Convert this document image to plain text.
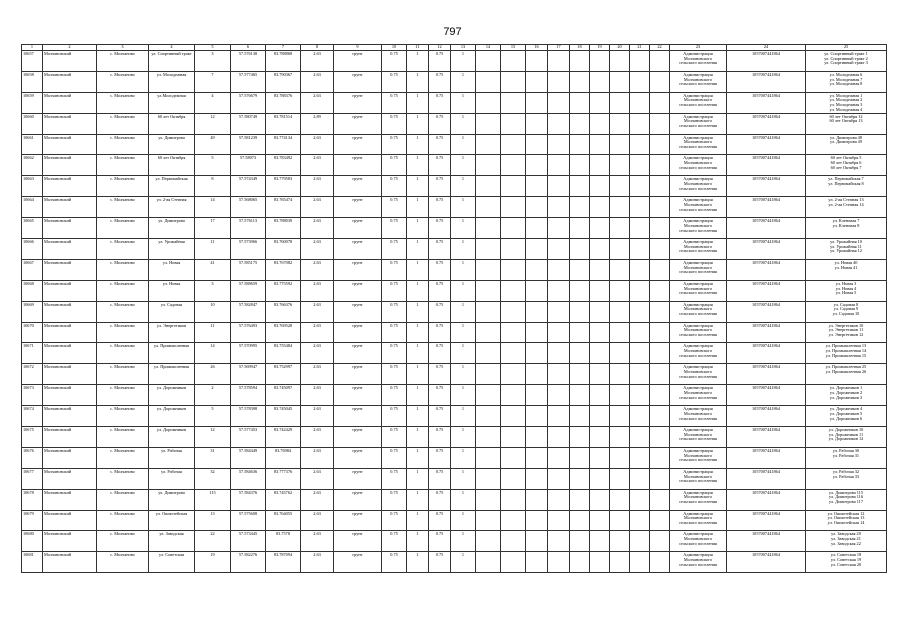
797
1	2	3	4	5	6	7	8	9	10	11	12	13	14	15	16	17	18	19	20	21	22	23	24	25
10657	Молчановский	с. Молчаново	ул. Спортивный тракт	3	57.576138	83.788868	2.63	грунт	0.75	1	0.75	1										Администрация
Молчановского
сельского поселения	1057007441864	ул. Спортивный тракт 1
ул. Спортивный тракт 2
ул. Спортивный тракт 3

10658	Молчановский	с. Молчаново	ул. Молодежная	7	57.577465	83.790367	2.63	грунт	0.75	1	0.75	1										Администрация
Молчановского
сельского поселения	1057007441864	ул. Молодежная 6
ул. Молодежная 7
ул. Молодежная 8

10659	Молчановский	с. Молчаново	ул.Молодежная	4	57.576679	83.788376	2.63	грунт	0.75	1	0.75	1										Администрация
Молчановского
сельского поселения	1057007441864	ул. Молодежная 1
ул. Молодежная 2
ул. Молодежная 3
ул. Молодежная 4

10660	Молчановский	с. Молчаново	60 лет Октября	12	57.580749	83.781514	2.89	грунт	0.75	1	0.75	1										Администрация
Молчановского
сельского поселения	1057007441864	60 лет Октября 12
60 лет Октября 13

10661	Молчановский	с. Молчаново	ул. Димитрова	49	57.581239	83.774134	2.63	грунт	0.75	1	0.75	1										Администрация
Молчановского
сельского поселения	1057007441864	ул. Димитрова 48
ул. Димитрова 49

10662	Молчановский	с. Молчаново	60 лет Октября	5	57.58073	83.783492	2.63	грунт	0.75	1	0.75	1										Администрация
Молчановского
сельского поселения	1057007441864	60 лет Октября 5
60 лет Октября 6
60 лет Октября 7

10663	Молчановский	с. Молчаново	ул. Первомайская	8	57.574349	83.779583	2.63	грунт	0.75	1	0.75	1										Администрация
Молчановского
сельского поселения	1057007441864	ул. Первомайская 7
ул. Первомайская 8

10664	Молчановский	с. Молчаново	ул. 2-ая Степная	14	57.568065	83.765474	2.63	грунт	0.75	1	0.75	1										Администрация
Молчановского
сельского поселения	1057007441864	ул. 2-ая Степная 13
ул. 2-ая Степная 14

10665	Молчановский	с. Молчаново	ул. Димитрова	17	57.576113	83.788039	2.63	грунт	0.75	1	0.75	1										Администрация
Молчановского
сельского поселения	1057007441864	ул. Кленовая 7
ул. Кленовая 8

10666	Молчановский	с. Молчаново	ул. Урожайная	11	57.573966	83.760078	2.63	грунт	0.75	1	0.75	1										Администрация
Молчановского
сельского поселения	1057007441864	ул. Урожайная 10
ул. Урожайная 11
ул. Урожайная 12

10667	Молчановский	с. Молчаново	ул. Новая	41	57.585175	83.767082	2.63	грунт	0.75	1	0.75	1										Администрация
Молчановского
сельского поселения	1057007441864	ул. Новая 40
ул. Новая 41

10668	Молчановский	с. Молчаново	ул. Новая	3	57.588659	83.775592	2.63	грунт	0.75	1	0.75	1										Администрация
Молчановского
сельского поселения	1057007441864	ул. Новая 3
ул. Новая 4
ул. Новая 5

10669	Молчановский	с. Молчаново	ул. Садовая	10	57.582847	83.766376	2.63	грунт	0.75	1	0.75	1										Администрация
Молчановского
сельского поселения	1057007441864	ул. Садовая 8
ул. Садовая 9
ул. Садовая 10

10670	Молчановский	с. Молчаново	ул. Энергетиков	11	57.576493	83.769528	2.63	грунт	0.75	1	0.75	1										Администрация
Молчановского
сельского поселения	1057007441864	ул. Энергетиков 10
ул. Энергетиков 11
ул. Энергетиков 12

10671	Молчановский	с. Молчаново	ул. Промышленная	14	57.570995	83.755484	2.63	грунт	0.75	1	0.75	1										Администрация
Молчановского
сельского поселения	1057007441864	ул. Промышленная 13
ул. Промышленная 14
ул. Промышленная 15

10672	Молчановский	с. Молчаново	ул. Промышленная	26	57.569947	83.752997	2.63	грунт	0.75	1	0.75	1										Администрация
Молчановского
сельского поселения	1057007441864	ул. Промышленная 25
ул. Промышленная 26

10673	Молчановский	с. Молчаново	ул. Дорожников	2	57.578594	83.745097	2.63	грунт	0.75	1	0.75	1										Администрация
Молчановского
сельского поселения	1057007441864	ул. Дорожников 1
ул. Дорожников 2
ул. Дорожников 3

10674	Молчановский	с. Молчаново	ул. Дорожников	5	57.578398	83.745045	2.63	грунт	0.75	1	0.75	1										Администрация
Молчановского
сельского поселения	1057007441864	ул. Дорожников 4
ул. Дорожников 5
ул. Дорожников 6

10675	Молчановский	с. Молчаново	ул. Дорожников	12	57.577453	83.742429	2.63	грунт	0.75	1	0.75	1										Администрация
Молчановского
сельского поселения	1057007441864	ул. Дорожников 10
ул. Дорожников 11
ул. Дорожников 12

10676	Молчановский	с. Молчаново	ул. Рабочая	31	57.584449	83.76984	2.63	грунт	0.75	1	0.75	1										Администрация
Молчановского
сельского поселения	1057007441864	ул. Рабочая 30
ул. Рабочая 31

10677	Молчановский	с. Молчаново	ул. Рабочая	32	57.584636	83.777376	2.63	грунт	0.75	1	0.75	1										Администрация
Молчановского
сельского поселения	1057007441864	ул. Рабочая 32
ул. Рабочая 33

10678	Молчановский	с. Молчаново	ул. Димитрова	115	57.584376	83.745762	2.63	грунт	0.75	1	0.75	1										Администрация
Молчановского
сельского поселения	1057007441864	ул. Димитрова 115
ул. Димитрова 116
ул. Димитрова 117

10679	Молчановский	с. Молчаново	ул. Ошмотейская	13	57.575608	83.764055	2.63	грунт	0.75	1	0.75	1										Администрация
Молчановского
сельского поселения	1057007441864	ул. Ошмотейская 12
ул. Ошмотейская 13
ул. Ошмотейская 14

10680	Молчановский	с. Молчаново	ул. Заводская	22	57.573445	83.7578	2.63	грунт	0.75	1	0.75	1										Администрация
Молчановского
сельского поселения	1057007441864	ул. Заводская 20
ул. Заводская 21
ул. Заводская 22

10681	Молчановский	с. Молчаново	ул. Советская	19	57.582276	83.787094	2.63	грунт	0.75	1	0.75	1										Администрация
Молчановского
сельского поселения	1057007441864	ул. Советская 18
ул. Советская 19
ул. Советская 20
